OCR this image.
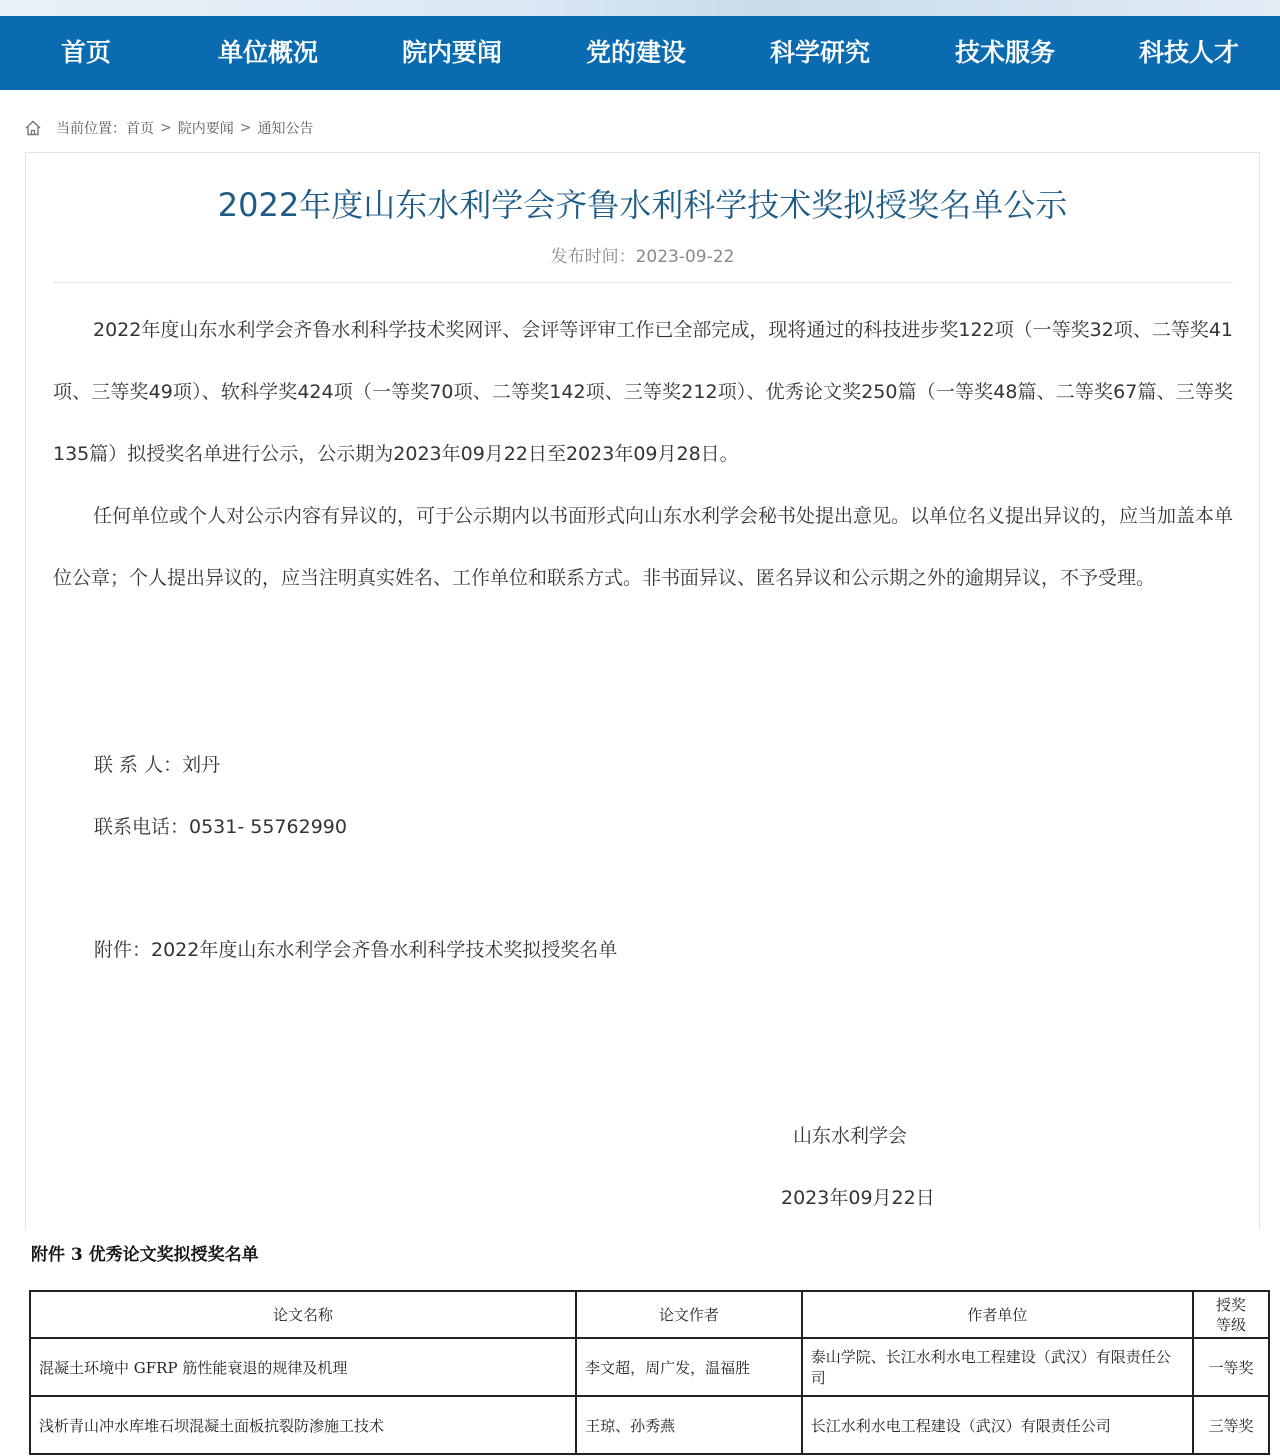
首页	单位概况	院内要闻	党的建设	科学研究	技术服务	科技人才
当前位置： 首页 > 院内要闻 > 通知公告
2022年度山东水利学会齐鲁水利科学技术奖拟授奖名单公示
发布时间：2023-09-22
2022年度山东水利学会齐鲁水利科学技术奖网评、会评等评审工作已全部完成，现将通过的科技进步奖122项（一等奖32项、二等奖41项、三等奖49项）、软科学奖424项（一等奖70项、二等奖142项、三等奖212项）、优秀论文奖250篇（一等奖48篇、二等奖67篇、三等奖135篇）拟授奖名单进行公示，公示期为2023年09月22日至2023年09月28日。
任何单位或个人对公示内容有异议的，可于公示期内以书面形式向山东水利学会秘书处提出意见。以单位名义提出异议的，应当加盖本单位公章；个人提出异议的，应当注明真实姓名、工作单位和联系方式。非书面异议、匿名异议和公示期之外的逾期异议，不予受理。
联 系 人：刘丹
联系电话：0531- 55762990
附件：2022年度山东水利学会齐鲁水利科学技术奖拟授奖名单
山东水利学会
2023年09月22日
附件 3 优秀论文奖拟授奖名单
论文名称	论文作者	作者单位	授奖
等级

混凝土环境中 GFRP 筋性能衰退的规律及机理	李文超，周广发，温福胜	泰山学院、长江水利水电工程建设（武汉）有限责任公司	一等奖
浅析青山冲水库堆石坝混凝土面板抗裂防渗施工技术	王琼、孙秀燕	长江水利水电工程建设（武汉）有限责任公司	三等奖
